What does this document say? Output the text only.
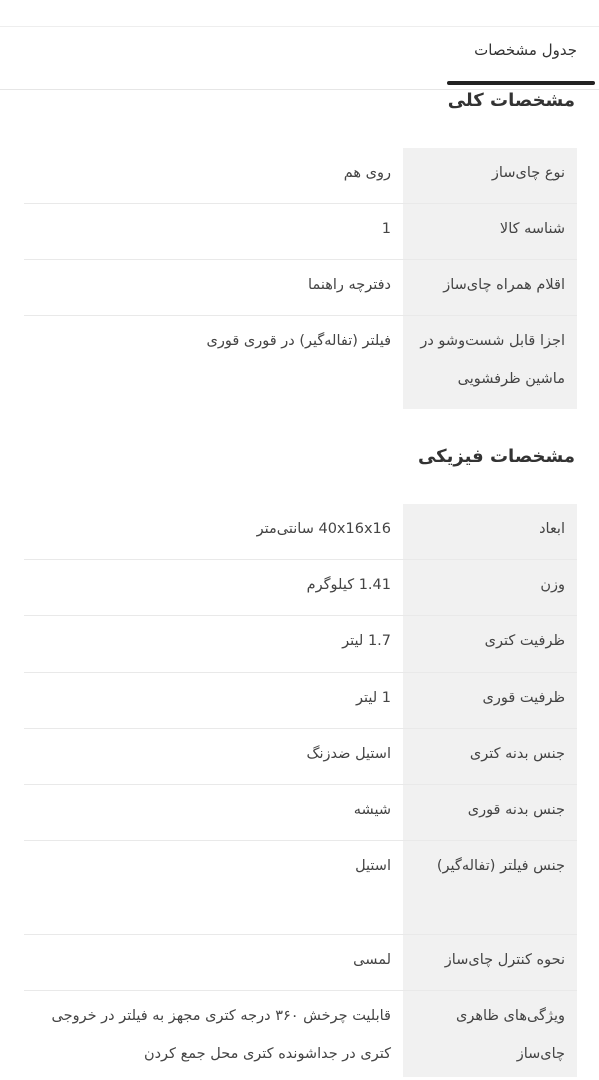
جدول مشخصات
مشخصات کلی
نوع چای‌ساز
روی هم
شناسه کالا
1
اقلام همراه چای‌ساز
دفترچه راهنما
اجزا قابل شست‌وشو در ماشین ظرفشویی
فیلتر (تفاله‌گیر) در قوری قوری
مشخصات فیزیکی
ابعاد
40x16x16 سانتی‌متر
وزن
1.41 کیلوگرم
ظرفیت کتری
1.7 لیتر
ظرفیت قوری
1 لیتر
جنس بدنه کتری
استیل ضدزنگ
جنس بدنه قوری
شیشه
جنس فیلتر (تفاله‌گیر)
استیل
نحوه کنترل چای‌ساز
لمسی
ویژگی‌های ظاهری چای‌ساز
قابلیت چرخش ۳۶۰ درجه کتری مجهز به فیلتر در خروجی کتری در جداشونده کتری محل جمع کردن
